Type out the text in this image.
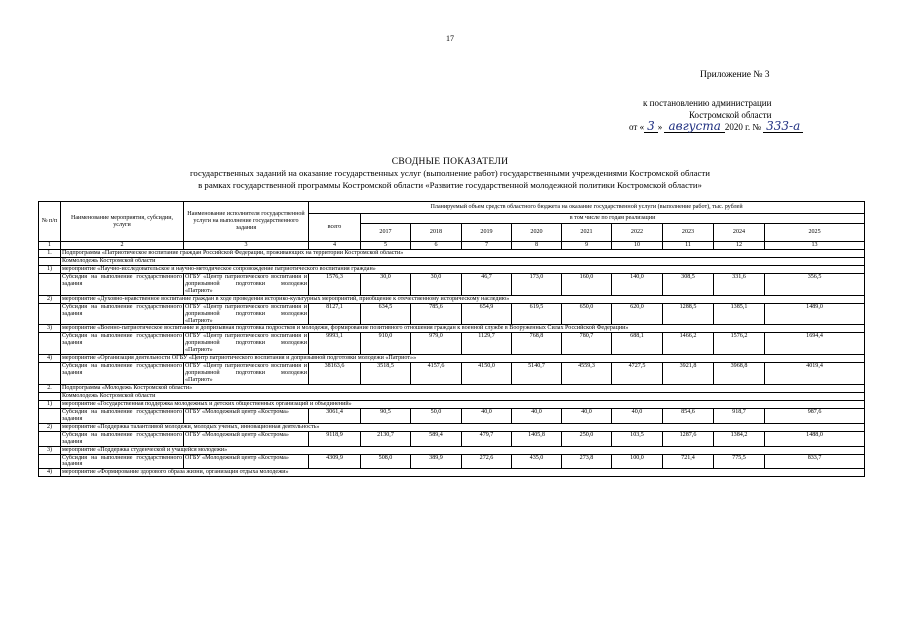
17
Приложение № 3
к постановлению администрации
Костромской области
от « 3 » августа 2020 г. № 333-а
СВОДНЫЕ ПОКАЗАТЕЛИ
государственных заданий на оказание государственных услуг (выполнение работ) государственными учреждениями Костромской области
в рамках государственной программы Костромской области «Развитие государственной молодежной политики Костромской области»
№ п/п	Наименование мероприятия, субсидии, услуги	Наименование исполнителя государственной услуги на выполнение государственного задания	Планируемый объем средств областного бюджета на оказание государственной услуги (выполнение работ), тыс. рублей									
			всего	в том числе по годам реализации								
				2017	2018	2019	2020	2021	2022	2023	2024	2025
1	2	3	4	5	6	7	8	9	10	11	12	13
1.	Подпрограмма «Патриотическое воспитание граждан Российской Федерации, проживающих на территории Костромской области»											
	Коммолодежь Костромской области											
1)	мероприятие «Научно-исследовательское и научно-методическое сопровождение патриотического воспитания граждан»											
	Субсидия на выполнение государственного задания	ОГБУ «Центр патриотического воспитания и допризывной подготовки молодежи «Патриот»	1576,3	30,0	30,0	46,7	173,0	160,0	140,0	308,5	331,6	356,5
2)	мероприятие «Духовно-нравственное воспитание граждан в ходе проведения историко-культурных мероприятий, приобщение к отечественному историческому наследию»											
	Субсидия на выполнение государственного задания	ОГБУ «Центр патриотического воспитания и допризывной подготовки молодежи «Патриот»	8127,1	634,5	785,6	654,9	619,5	650,0	620,0	1288,5	1385,1	1489,0
3)	мероприятие «Военно-патриотическое воспитание и допризывная подготовка подростков и молодежи, формирование позитивного отношения граждан к военной службе в Вооруженных Силах Российской Федерации»											
	Субсидия на выполнение государственного задания	ОГБУ «Центр патриотического воспитания и допризывной подготовки молодежи «Патриот»	9993,1	910,0	979,0	1129,7	768,8	780,7	688,1	1466,2	1576,2	1694,4
4)	мероприятие «Организация деятельности ОГБУ «Центр патриотического воспитания и допризывной подготовки молодежи «Патриот»»											
	Субсидия на выполнение государственного задания	ОГБУ «Центр патриотического воспитания и допризывной подготовки молодежи «Патриот»	38163,6	3518,5	4157,6	4150,0	5140,7	4559,3	4727,5	3921,8	3968,8	4019,4
2.	Подпрограмма «Молодежь Костромской области»											
	Коммолодежь Костромской области											
1)	мероприятие «Государственная поддержка молодежных и детских общественных организаций и объединений»											
	Субсидия на выполнение государственного задания	ОГБУ «Молодежный центр «Кострома»	3061,4	90,5	50,0	40,0	40,0	40,0	40,0	854,6	918,7	987,6
2)	мероприятие «Поддержка талантливой молодежи, молодых ученых, инновационная деятельность»											
	Субсидия на выполнение государственного задания	ОГБУ «Молодежный центр «Кострома»	9118,9	2130,7	589,4	479,7	1405,8	250,0	103,5	1287,6	1384,2	1488,0
3)	мероприятие «Поддержка студенческой и учащейся молодежи»											
	Субсидия на выполнение государственного задания	ОГБУ «Молодежный центр «Кострома»	4309,9	508,0	389,9	272,6	435,0	273,8	100,0	721,4	775,5	833,7
4)	мероприятие «Формирование здорового образа жизни, организация отдыха молодежи»											
